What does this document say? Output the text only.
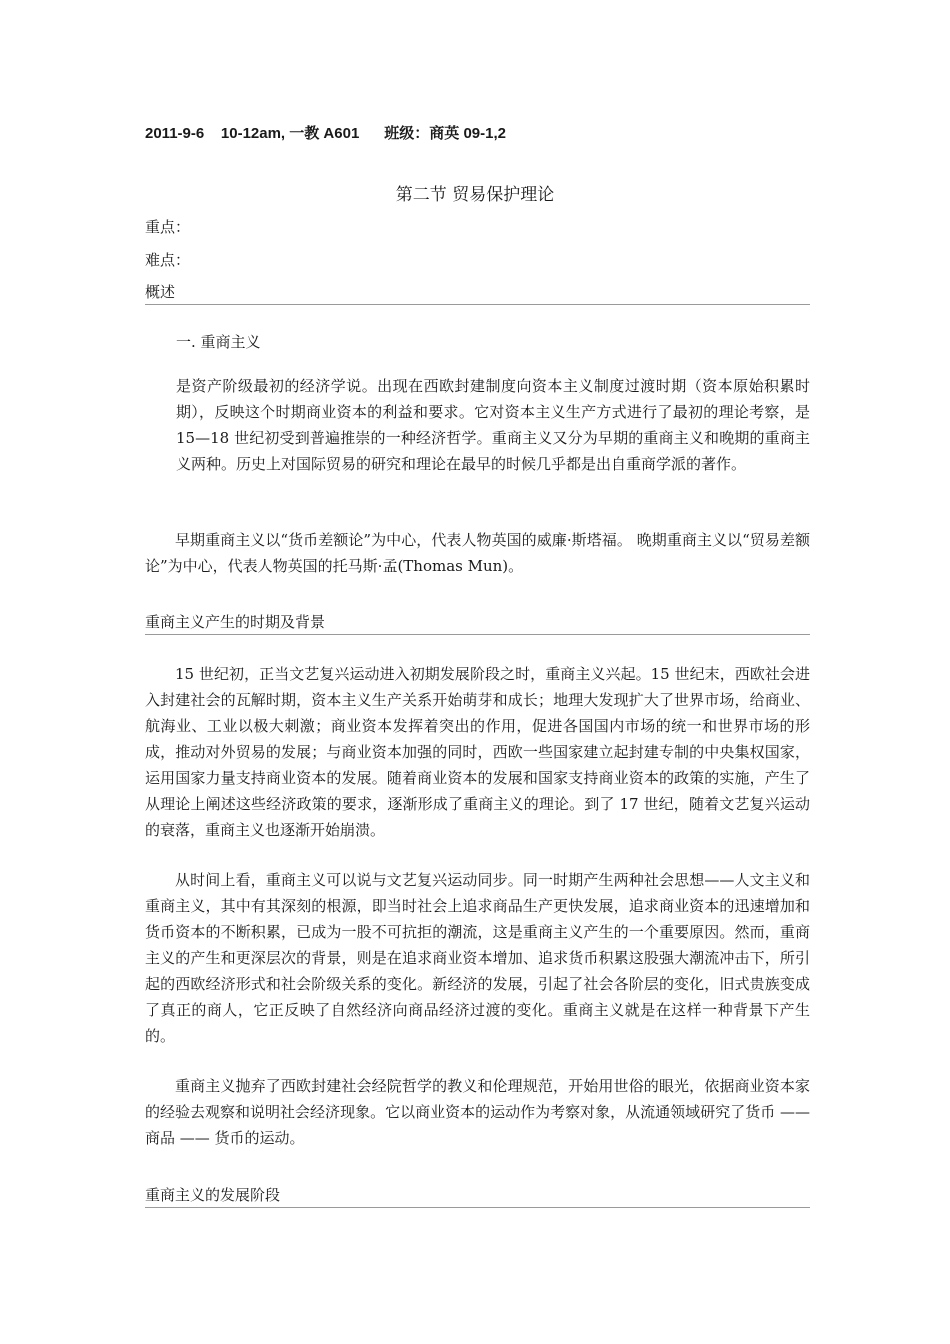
2011-9-6    10-12am, 一教 A601      班级：商英 09-1,2
第二节 贸易保护理论
重点：
难点：
概述
一. 重商主义

是资产阶级最初的经济学说。出现在西欧封建制度向资本主义制度过渡时期（资本原始积累时期），反映这个时期商业资本的利益和要求。它对资本主义生产方式进行了最初的理论考察，是 15—18 世纪初受到普遍推崇的一种经济哲学。重商主义又分为早期的重商主义和晚期的重商主义两种。历史上对国际贸易的研究和理论在最早的时候几乎都是出自重商学派的著作。

早期重商主义以“货币差额论”为中心，代表人物英国的威廉·斯塔福。 晚期重商主义以“贸易差额论”为中心，代表人物英国的托马斯·孟(Thomas Mun)。

重商主义产生的时期及背景

15 世纪初，正当文艺复兴运动进入初期发展阶段之时，重商主义兴起。15 世纪末，西欧社会进入封建社会的瓦解时期，资本主义生产关系开始萌芽和成长；地理大发现扩大了世界市场，给商业、航海业、工业以极大刺激；商业资本发挥着突出的作用，促进各国国内市场的统一和世界市场的形成，推动对外贸易的发展；与商业资本加强的同时，西欧一些国家建立起封建专制的中央集权国家，运用国家力量支持商业资本的发展。随着商业资本的发展和国家支持商业资本的政策的实施，产生了从理论上阐述这些经济政策的要求，逐渐形成了重商主义的理论。到了 17 世纪，随着文艺复兴运动的衰落，重商主义也逐渐开始崩溃。

从时间上看，重商主义可以说与文艺复兴运动同步。同一时期产生两种社会思想——人文主义和重商主义，其中有其深刻的根源，即当时社会上追求商品生产更快发展，追求商业资本的迅速增加和货币资本的不断积累，已成为一股不可抗拒的潮流，这是重商主义产生的一个重要原因。然而，重商主义的产生和更深层次的背景，则是在追求商业资本增加、追求货币积累这股强大潮流冲击下，所引起的西欧经济形式和社会阶级关系的变化。新经济的发展，引起了社会各阶层的变化，旧式贵族变成了真正的商人，它正反映了自然经济向商品经济过渡的变化。重商主义就是在这样一种背景下产生的。

重商主义抛弃了西欧封建社会经院哲学的教义和伦理规范，开始用世俗的眼光，依据商业资本家的经验去观察和说明社会经济现象。它以商业资本的运动作为考察对象，从流通领域研究了货币 —— 商品 —— 货币的运动。

重商主义的发展阶段
